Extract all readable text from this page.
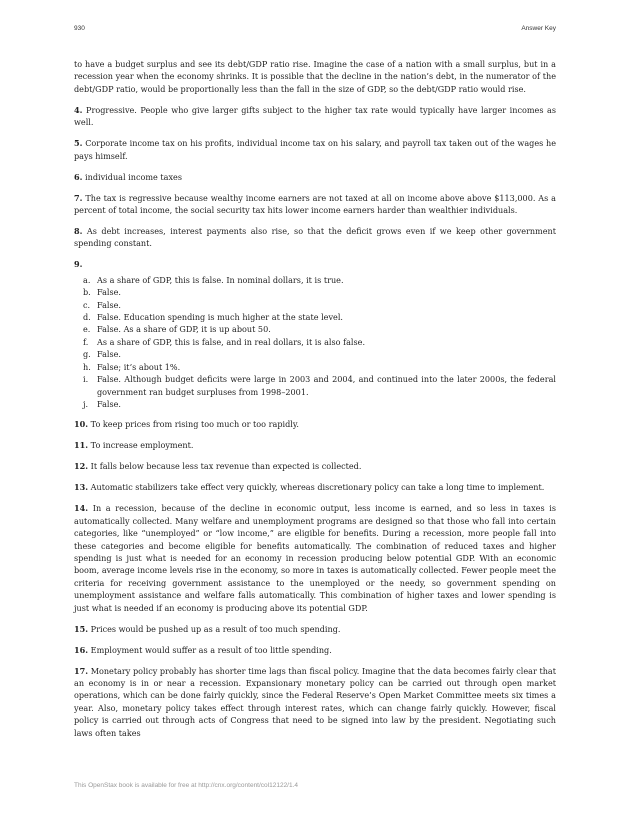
930	Answer Key

to have a budget surplus and see its debt/GDP ratio rise. Imagine the case of a nation with a small surplus, but in a recession year when the economy shrinks. It is possible that the decline in the nation’s debt, in the numerator of the debt/GDP ratio, would be proportionally less than the fall in the size of GDP, so the debt/GDP ratio would rise.

4. Progressive. People who give larger gifts subject to the higher tax rate would typically have larger incomes as well.

5. Corporate income tax on his profits, individual income tax on his salary, and payroll tax taken out of the wages he pays himself.

6. individual income taxes

7. The tax is regressive because wealthy income earners are not taxed at all on income above above $113,000. As a percent of total income, the social security tax hits lower income earners harder than wealthier individuals.

8. As debt increases, interest payments also rise, so that the deficit grows even if we keep other government spending constant.

9.

a. As a share of GDP, this is false. In nominal dollars, it is true.
b. False.
c. False.
d. False. Education spending is much higher at the state level.
e. False. As a share of GDP, it is up about 50.
f. As a share of GDP, this is false, and in real dollars, it is also false.
g. False.
h. False; it’s about 1%.
i. False. Although budget deficits were large in 2003 and 2004, and continued into the later 2000s, the federal government ran budget surpluses from 1998–2001.
j. False.

10. To keep prices from rising too much or too rapidly.

11. To increase employment.

12. It falls below because less tax revenue than expected is collected.

13. Automatic stabilizers take effect very quickly, whereas discretionary policy can take a long time to implement.

14. In a recession, because of the decline in economic output, less income is earned, and so less in taxes is automatically collected. Many welfare and unemployment programs are designed so that those who fall into certain categories, like “unemployed” or “low income,” are eligible for benefits. During a recession, more people fall into these categories and become eligible for benefits automatically. The combination of reduced taxes and higher spending is just what is needed for an economy in recession producing below potential GDP. With an economic boom, average income levels rise in the economy, so more in taxes is automatically collected. Fewer people meet the criteria for receiving government assistance to the unemployed or the needy, so government spending on unemployment assistance and welfare falls automatically. This combination of higher taxes and lower spending is just what is needed if an economy is producing above its potential GDP.

15. Prices would be pushed up as a result of too much spending.

16. Employment would suffer as a result of too little spending.

17. Monetary policy probably has shorter time lags than fiscal policy. Imagine that the data becomes fairly clear that an economy is in or near a recession. Expansionary monetary policy can be carried out through open market operations, which can be done fairly quickly, since the Federal Reserve’s Open Market Committee meets six times a year. Also, monetary policy takes effect through interest rates, which can change fairly quickly. However, fiscal policy is carried out through acts of Congress that need to be signed into law by the president. Negotiating such laws often takes

This OpenStax book is available for free at http://cnx.org/content/col12122/1.4
